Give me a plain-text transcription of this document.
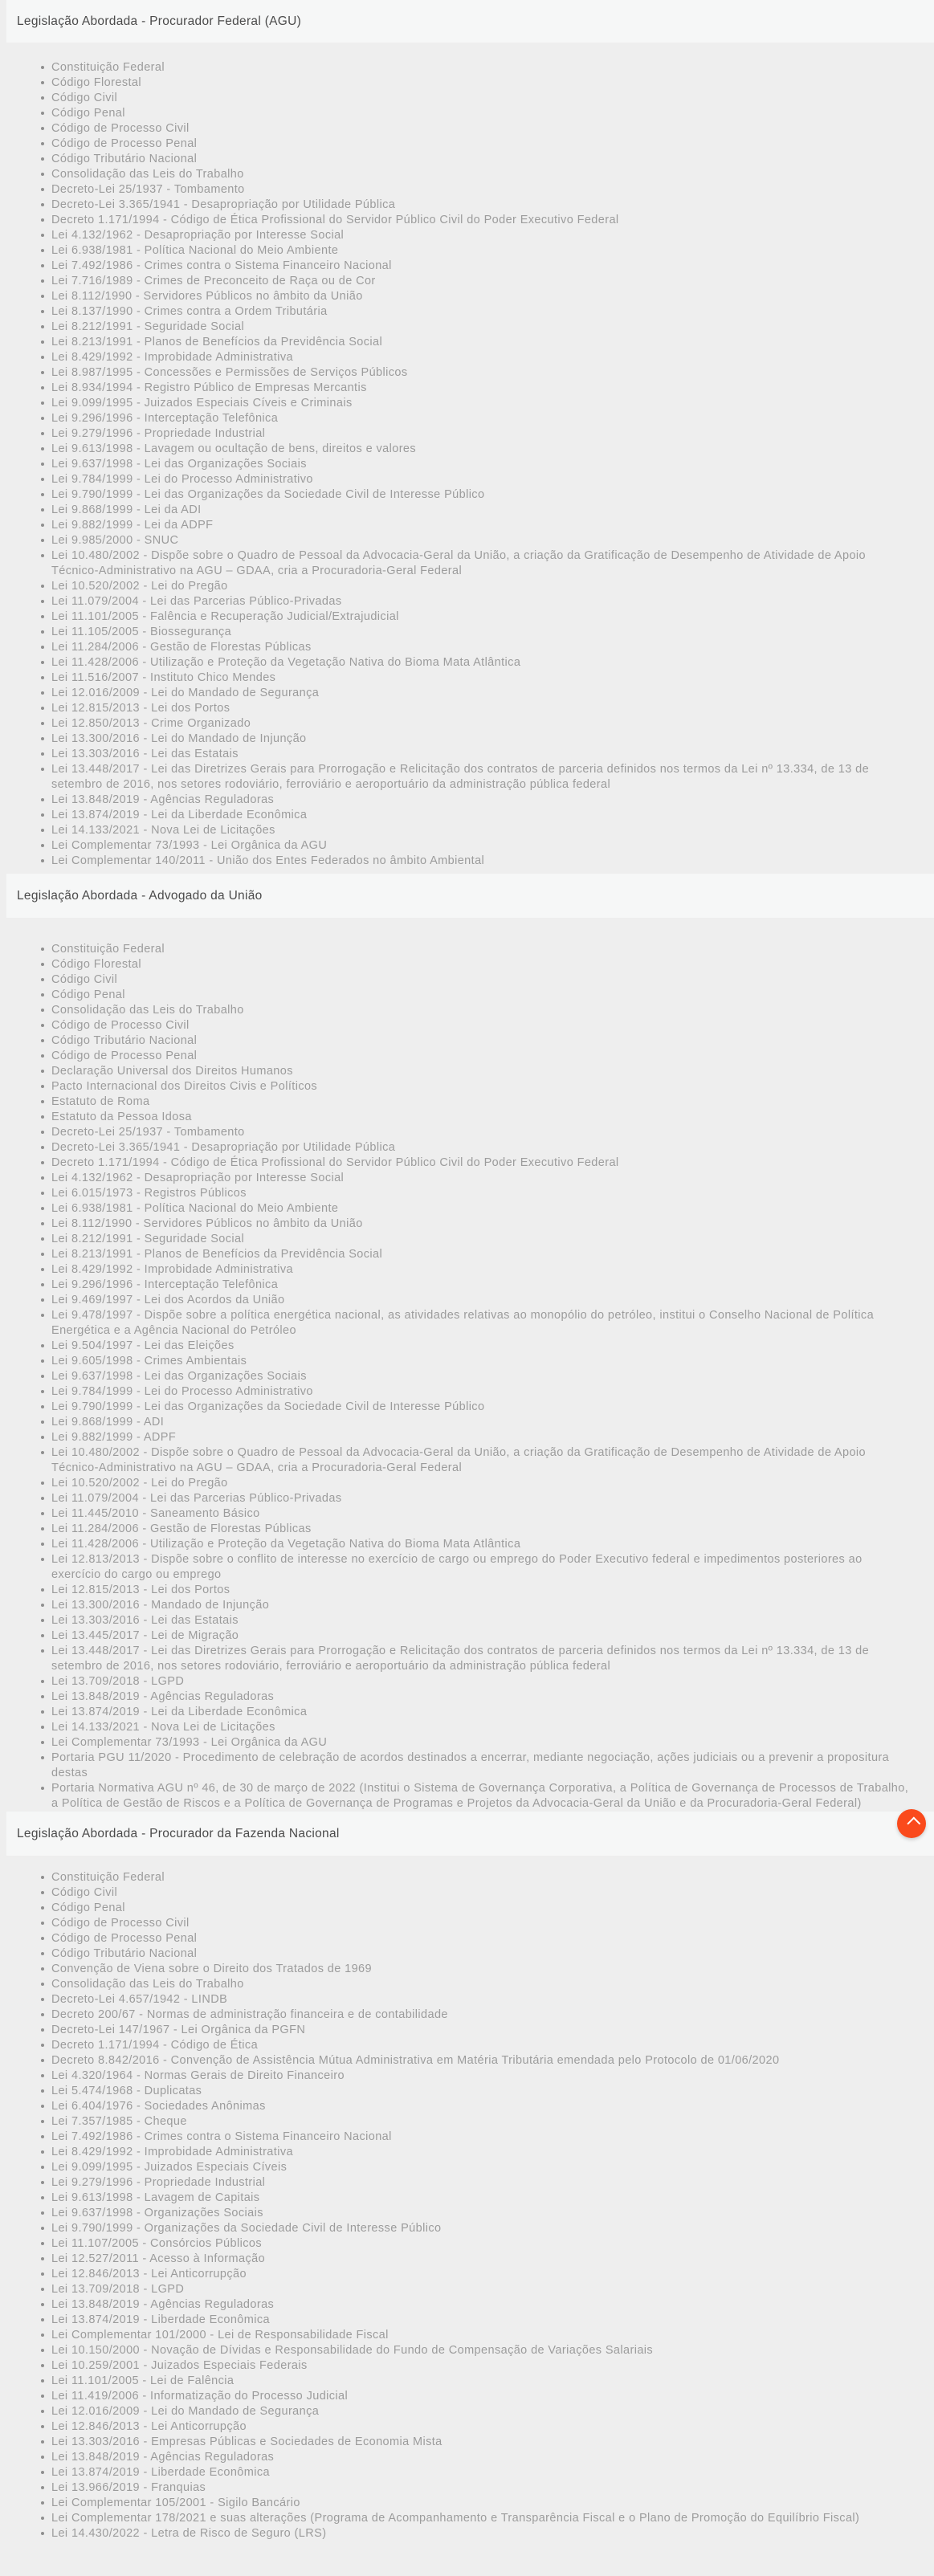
Legislação Abordada - Procurador Federal (AGU)
Constituição Federal
Código Florestal
Código Civil
Código Penal
Código de Processo Civil
Código de Processo Penal
Código Tributário Nacional
Consolidação das Leis do Trabalho
Decreto-Lei 25/1937 - Tombamento
Decreto-Lei 3.365/1941 - Desapropriação por Utilidade Pública
Decreto 1.171/1994 - Código de Ética Profissional do Servidor Público Civil do Poder Executivo Federal
Lei 4.132/1962 - Desapropriação por Interesse Social
Lei 6.938/1981 - Política Nacional do Meio Ambiente
Lei 7.492/1986 - Crimes contra o Sistema Financeiro Nacional
Lei 7.716/1989 - Crimes de Preconceito de Raça ou de Cor
Lei 8.112/1990 - Servidores Públicos no âmbito da União
Lei 8.137/1990 - Crimes contra a Ordem Tributária
Lei 8.212/1991 - Seguridade Social
Lei 8.213/1991 - Planos de Benefícios da Previdência Social
Lei 8.429/1992 - Improbidade Administrativa
Lei 8.987/1995 - Concessões e Permissões de Serviços Públicos
Lei 8.934/1994 - Registro Público de Empresas Mercantis
Lei 9.099/1995 - Juizados Especiais Cíveis e Criminais
Lei 9.296/1996 - Interceptação Telefônica
Lei 9.279/1996 - Propriedade Industrial
Lei 9.613/1998 - Lavagem ou ocultação de bens, direitos e valores
Lei 9.637/1998 - Lei das Organizações Sociais
Lei 9.784/1999 - Lei do Processo Administrativo
Lei 9.790/1999 - Lei das Organizações da Sociedade Civil de Interesse Público
Lei 9.868/1999 - Lei da ADI
Lei 9.882/1999 - Lei da ADPF
Lei 9.985/2000 - SNUC
Lei 10.480/2002 - Dispõe sobre o Quadro de Pessoal da Advocacia-Geral da União, a criação da Gratificação de Desempenho de Atividade de Apoio Técnico-Administrativo na AGU – GDAA, cria a Procuradoria-Geral Federal
Lei 10.520/2002 - Lei do Pregão
Lei 11.079/2004 - Lei das Parcerias Público-Privadas
Lei 11.101/2005 - Falência e Recuperação Judicial/Extrajudicial
Lei 11.105/2005 - Biossegurança
Lei 11.284/2006 - Gestão de Florestas Públicas
Lei 11.428/2006 - Utilização e Proteção da Vegetação Nativa do Bioma Mata Atlântica
Lei 11.516/2007 - Instituto Chico Mendes
Lei 12.016/2009 - Lei do Mandado de Segurança
Lei 12.815/2013 - Lei dos Portos
Lei 12.850/2013 - Crime Organizado
Lei 13.300/2016 - Lei do Mandado de Injunção
Lei 13.303/2016 - Lei das Estatais
Lei 13.448/2017 - Lei das Diretrizes Gerais para Prorrogação e Relicitação dos contratos de parceria definidos nos termos da Lei nº 13.334, de 13 de setembro de 2016, nos setores rodoviário, ferroviário e aeroportuário da administração pública federal
Lei 13.848/2019 - Agências Reguladoras
Lei 13.874/2019 - Lei da Liberdade Econômica
Lei 14.133/2021 - Nova Lei de Licitações
Lei Complementar 73/1993 - Lei Orgânica da AGU
Lei Complementar 140/2011 - União dos Entes Federados no âmbito Ambiental
Legislação Abordada - Advogado da União
Constituição Federal
Código Florestal
Código Civil
Código Penal
Consolidação das Leis do Trabalho
Código de Processo Civil
Código Tributário Nacional
Código de Processo Penal
Declaração Universal dos Direitos Humanos
Pacto Internacional dos Direitos Civis e Políticos
Estatuto de Roma
Estatuto da Pessoa Idosa
Decreto-Lei 25/1937 - Tombamento
Decreto-Lei 3.365/1941 - Desapropriação por Utilidade Pública
Decreto 1.171/1994 - Código de Ética Profissional do Servidor Público Civil do Poder Executivo Federal
Lei 4.132/1962 - Desapropriação por Interesse Social
Lei 6.015/1973 - Registros Públicos
Lei 6.938/1981 - Política Nacional do Meio Ambiente
Lei 8.112/1990 - Servidores Públicos no âmbito da União
Lei 8.212/1991 - Seguridade Social
Lei 8.213/1991 - Planos de Benefícios da Previdência Social
Lei 8.429/1992 - Improbidade Administrativa
Lei 9.296/1996 - Interceptação Telefônica
Lei 9.469/1997 - Lei dos Acordos da União
Lei 9.478/1997 - Dispõe sobre a política energética nacional, as atividades relativas ao monopólio do petróleo, institui o Conselho Nacional de Política Energética e a Agência Nacional do Petróleo
Lei 9.504/1997 - Lei das Eleições
Lei 9.605/1998 - Crimes Ambientais
Lei 9.637/1998 - Lei das Organizações Sociais
Lei 9.784/1999 - Lei do Processo Administrativo
Lei 9.790/1999 - Lei das Organizações da Sociedade Civil de Interesse Público
Lei 9.868/1999 - ADI
Lei 9.882/1999 - ADPF
Lei 10.480/2002 - Dispõe sobre o Quadro de Pessoal da Advocacia-Geral da União, a criação da Gratificação de Desempenho de Atividade de Apoio Técnico-Administrativo na AGU – GDAA, cria a Procuradoria-Geral Federal
Lei 10.520/2002 - Lei do Pregão
Lei 11.079/2004 - Lei das Parcerias Público-Privadas
Lei 11.445/2010 - Saneamento Básico
Lei 11.284/2006 - Gestão de Florestas Públicas
Lei 11.428/2006 - Utilização e Proteção da Vegetação Nativa do Bioma Mata Atlântica
Lei 12.813/2013 - Dispõe sobre o conflito de interesse no exercício de cargo ou emprego do Poder Executivo federal e impedimentos posteriores ao exercício do cargo ou emprego
Lei 12.815/2013 - Lei dos Portos
Lei 13.300/2016 - Mandado de Injunção
Lei 13.303/2016 - Lei das Estatais
Lei 13.445/2017 - Lei de Migração
Lei 13.448/2017 - Lei das Diretrizes Gerais para Prorrogação e Relicitação dos contratos de parceria definidos nos termos da Lei nº 13.334, de 13 de setembro de 2016, nos setores rodoviário, ferroviário e aeroportuário da administração pública federal
Lei 13.709/2018 - LGPD
Lei 13.848/2019 - Agências Reguladoras
Lei 13.874/2019 - Lei da Liberdade Econômica
Lei 14.133/2021 - Nova Lei de Licitações
Lei Complementar 73/1993 - Lei Orgânica da AGU
Portaria PGU 11/2020 - Procedimento de celebração de acordos destinados a encerrar, mediante negociação, ações judiciais ou a prevenir a propositura destas
Portaria Normativa AGU nº 46, de 30 de março de 2022 (Institui o Sistema de Governança Corporativa, a Política de Governança de Processos de Trabalho, a Política de Gestão de Riscos e a Política de Governança de Programas e Projetos da Advocacia-Geral da União e da Procuradoria-Geral Federal)
Legislação Abordada - Procurador da Fazenda Nacional
Constituição Federal
Código Civil
Código Penal
Código de Processo Civil
Código de Processo Penal
Código Tributário Nacional
Convenção de Viena sobre o Direito dos Tratados de 1969
Consolidação das Leis do Trabalho
Decreto-Lei 4.657/1942 - LINDB
Decreto 200/67 - Normas de administração financeira e de contabilidade
Decreto-Lei 147/1967 - Lei Orgânica da PGFN
Decreto 1.171/1994 - Código de Ética
Decreto 8.842/2016 - Convenção de Assistência Mútua Administrativa em Matéria Tributária emendada pelo Protocolo de 01/06/2020
Lei 4.320/1964 - Normas Gerais de Direito Financeiro
Lei 5.474/1968 - Duplicatas
Lei 6.404/1976 - Sociedades Anônimas
Lei 7.357/1985 - Cheque
Lei 7.492/1986 - Crimes contra o Sistema Financeiro Nacional
Lei 8.429/1992 - Improbidade Administrativa
Lei 9.099/1995 - Juizados Especiais Cíveis
Lei 9.279/1996 - Propriedade Industrial
Lei 9.613/1998 - Lavagem de Capitais
Lei 9.637/1998 - Organizações Sociais
Lei 9.790/1999 - Organizações da Sociedade Civil de Interesse Público
Lei 11.107/2005 - Consórcios Públicos
Lei 12.527/2011 - Acesso à Informação
Lei 12.846/2013 - Lei Anticorrupção
Lei 13.709/2018 - LGPD
Lei 13.848/2019 - Agências Reguladoras
Lei 13.874/2019 - Liberdade Econômica
Lei Complementar 101/2000 - Lei de Responsabilidade Fiscal
Lei 10.150/2000 - Novação de Dívidas e Responsabilidade do Fundo de Compensação de Variações Salariais
Lei 10.259/2001 - Juizados Especiais Federais
Lei 11.101/2005 - Lei de Falência
Lei 11.419/2006 - Informatização do Processo Judicial
Lei 12.016/2009 - Lei do Mandado de Segurança
Lei 12.846/2013 - Lei Anticorrupção
Lei 13.303/2016 - Empresas Públicas e Sociedades de Economia Mista
Lei 13.848/2019 - Agências Reguladoras
Lei 13.874/2019 - Liberdade Econômica
Lei 13.966/2019 - Franquias
Lei Complementar 105/2001 - Sigilo Bancário
Lei Complementar 178/2021 e suas alterações (Programa de Acompanhamento e Transparência Fiscal e o Plano de Promoção do Equilíbrio Fiscal)
Lei 14.430/2022 - Letra de Risco de Seguro (LRS)
